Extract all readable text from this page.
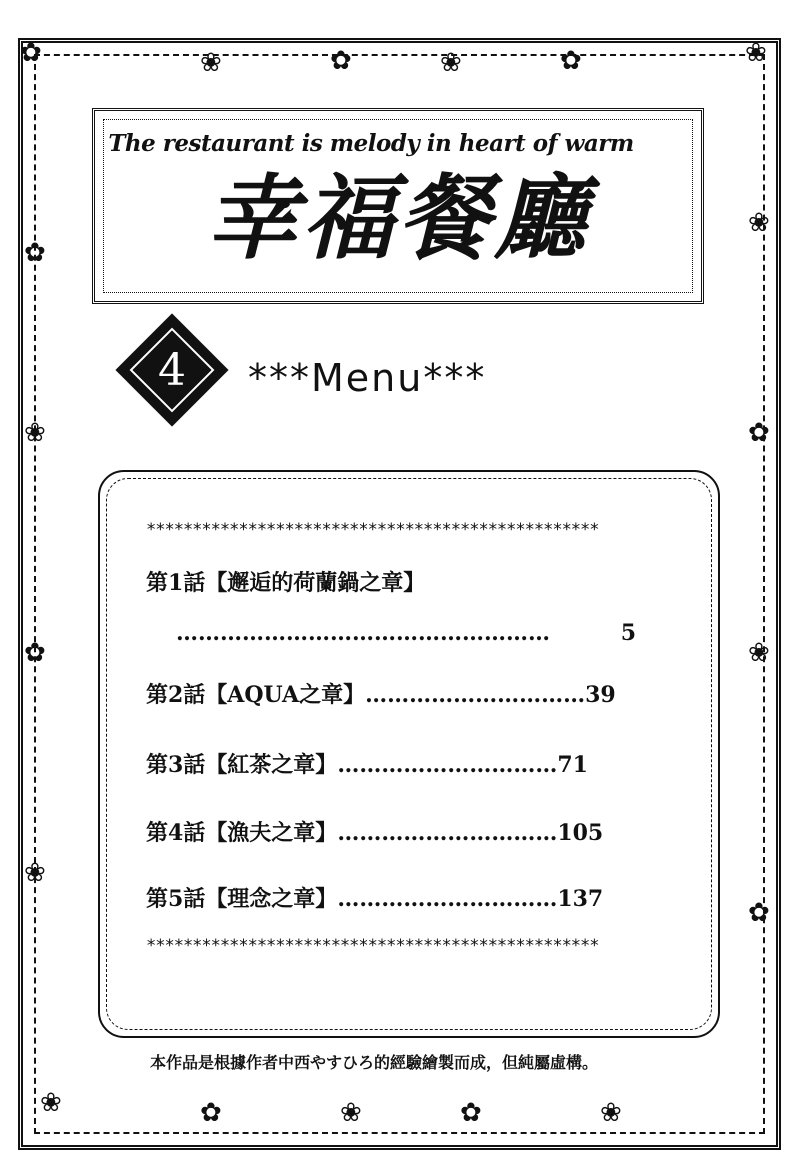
✿	❀	✿	❀	✿	❀
✿
❀
✿
❀
❀
✿
❀
✿
❀	✿	❀	✿	❀
The restaurant is melody in heart of warm
幸福餐廳
4	***Menu***
*************************************************
第1話【邂逅的荷蘭鍋之章】
……………………………………………	5
第2話【AQUA之章】…………………………39
第3話【紅茶之章】…………………………71
第4話【漁夫之章】…………………………105
第5話【理念之章】…………………………137
*************************************************
本作品是根據作者中西やすひろ的經驗繪製而成，但純屬虛構。
